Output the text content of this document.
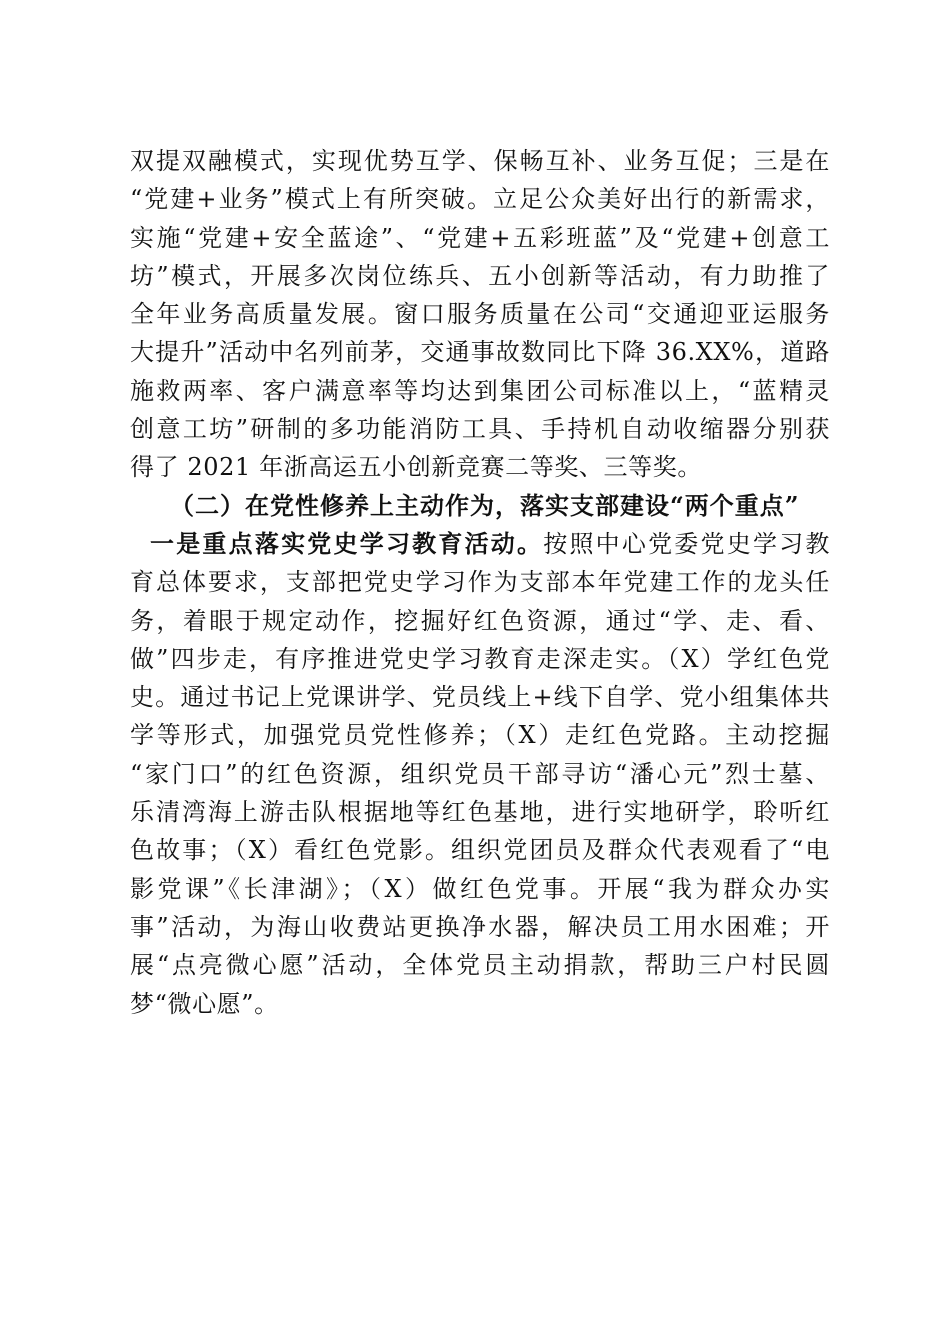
双提双融模式，实现优势互学、保畅互补、业务互促；三是在
“党建+业务”模式上有所突破。立足公众美好出行的新需求，
实施“党建+安全蓝途”、“党建+五彩班蓝”及“党建+创意工
坊”模式，开展多次岗位练兵、五小创新等活动，有力助推了
全年业务高质量发展。窗口服务质量在公司“交通迎亚运服务
大提升”活动中名列前茅，交通事故数同比下降 36.XX%，道路
施救两率、客户满意率等均达到集团公司标准以上，“蓝精灵
创意工坊”研制的多功能消防工具、手持机自动收缩器分别获
得了 2021 年浙高运五小创新竞赛二等奖、三等奖。
（二）在党性修养上主动作为，落实支部建设“两个重点”
一是重点落实党史学习教育活动。按照中心党委党史学习教
育总体要求，支部把党史学习作为支部本年党建工作的龙头任
务，着眼于规定动作，挖掘好红色资源，通过“学、走、看、
做”四步走，有序推进党史学习教育走深走实。（X）学红色党
史。通过书记上党课讲学、党员线上+线下自学、党小组集体共
学等形式，加强党员党性修养；（X）走红色党路。主动挖掘
“家门口”的红色资源，组织党员干部寻访“潘心元”烈士墓、
乐清湾海上游击队根据地等红色基地，进行实地研学，聆听红
色故事；（X）看红色党影。组织党团员及群众代表观看了“电
影党课”《长津湖》；（X）做红色党事。开展“我为群众办实
事”活动，为海山收费站更换净水器，解决员工用水困难；开
展“点亮微心愿”活动，全体党员主动捐款，帮助三户村民圆
梦“微心愿”。
